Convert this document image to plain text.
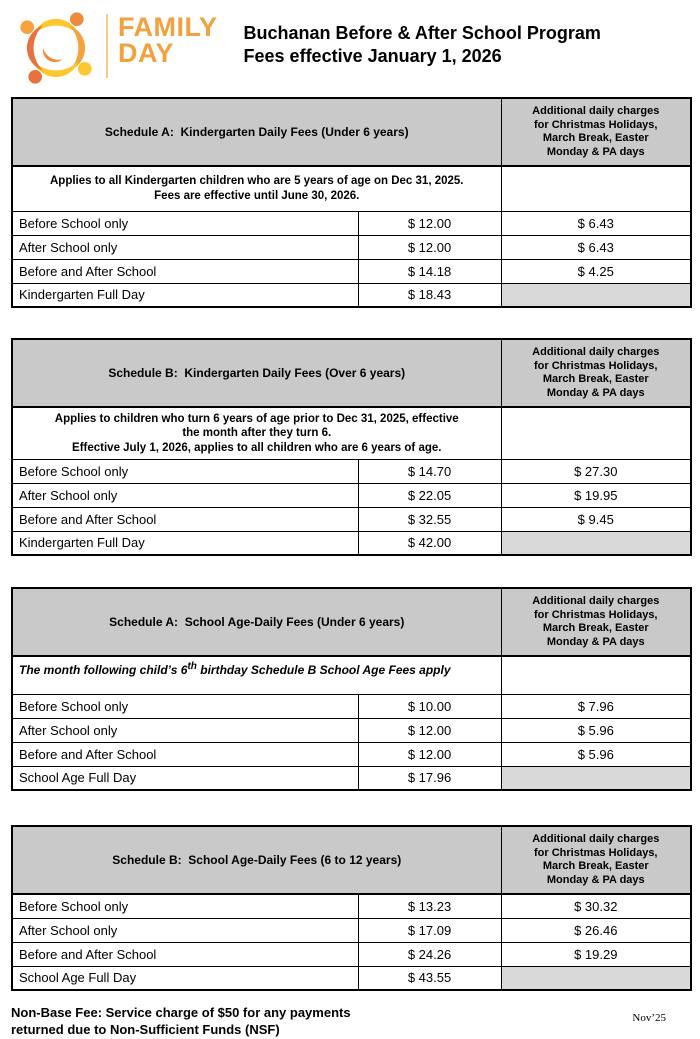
FAMILY
DAY
Buchanan Before & After School Program
Fees effective January 1, 2026
Schedule A:  Kindergarten Daily Fees (Under 6 years)		Additional daily charges
for Christmas Holidays,
March Break, Easter
Monday & PA days

Applies to all Kindergarten children who are 5 years of age on Dec 31, 2025.
Fees are effective until June 30, 2026.		

Before School only	$ 12.00	$ 6.43
After School only	$ 12.00	$ 6.43
Before and After School	$ 14.18	$ 4.25
Kindergarten Full Day	$ 18.43	
Schedule B:  Kindergarten Daily Fees (Over 6 years)		Additional daily charges
for Christmas Holidays,
March Break, Easter
Monday & PA days

Applies to children who turn 6 years of age prior to Dec 31, 2025, effective
the month after they turn 6.
Effective July 1, 2026, applies to all children who are 6 years of age.		

Before School only	$ 14.70	$ 27.30
After School only	$ 22.05	$ 19.95
Before and After School	$ 32.55	$ 9.45
Kindergarten Full Day	$ 42.00	
Schedule A:  School Age-Daily Fees (Under 6 years)		Additional daily charges
for Christmas Holidays,
March Break, Easter
Monday & PA days

The month following child’s 6th birthday Schedule B School Age Fees apply		
Before School only	$ 10.00	$ 7.96
After School only	$ 12.00	$ 5.96
Before and After School	$ 12.00	$ 5.96
School Age Full Day	$ 17.96	
Schedule B:  School Age-Daily Fees (6 to 12 years)		Additional daily charges
for Christmas Holidays,
March Break, Easter
Monday & PA days

Before School only	$ 13.23	$ 30.32
After School only	$ 17.09	$ 26.46
Before and After School	$ 24.26	$ 19.29
School Age Full Day	$ 43.55	
Non-Base Fee: Service charge of $50 for any payments
returned due to Non-Sufficient Funds (NSF)
Nov’25
